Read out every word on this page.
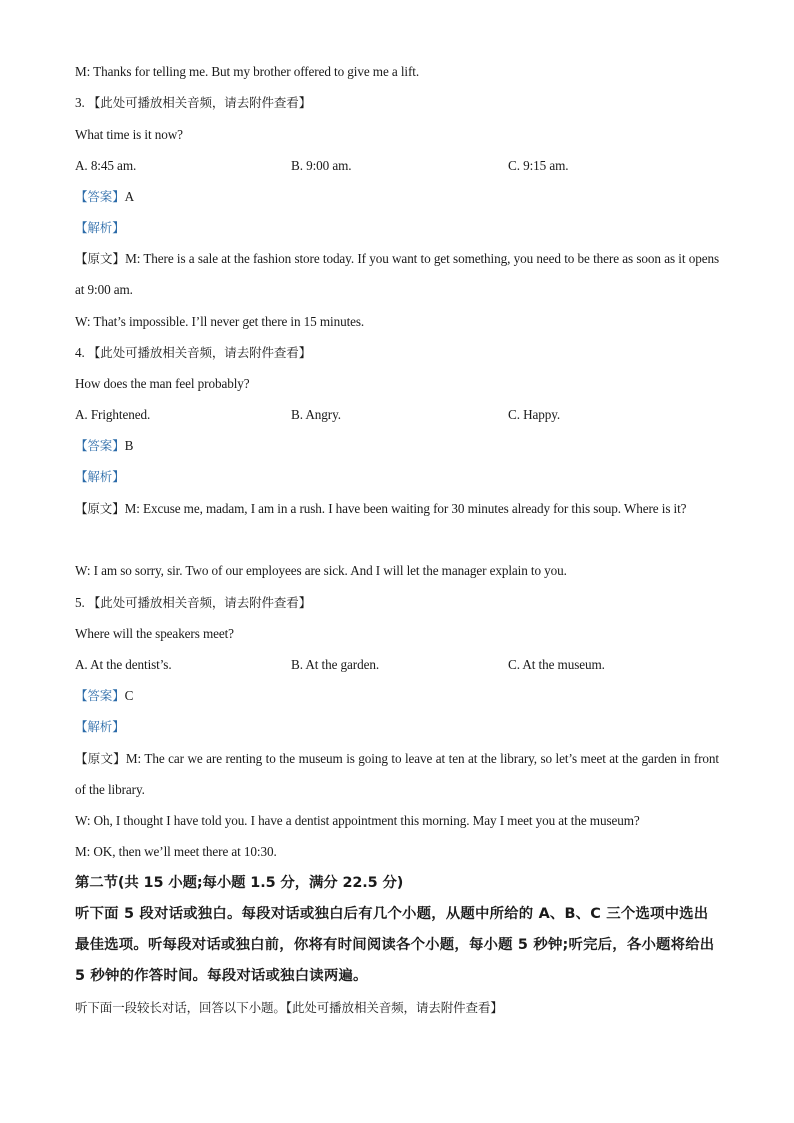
M: Thanks for telling me. But my brother offered to give me a lift.
3. 【此处可播放相关音频，请去附件查看】
What time is it now?
A. 8:45 am.	B. 9:00 am.	C. 9:15 am.
【答案】A
【解析】
【原文】M: There is a sale at the fashion store today. If you want to get something, you need to be there as soon as it opens at 9:00 am.
W: That’s impossible. I’ll never get there in 15 minutes.
4. 【此处可播放相关音频，请去附件查看】
How does the man feel probably?
A. Frightened.	B. Angry.	C. Happy.
【答案】B
【解析】
【原文】M: Excuse me, madam, I am in a rush. I have been waiting for 30 minutes already for this soup. Where is it?
W: I am so sorry, sir. Two of our employees are sick. And I will let the manager explain to you.
5. 【此处可播放相关音频，请去附件查看】
Where will the speakers meet?
A. At the dentist’s.	B. At the garden.	C. At the museum.
【答案】C
【解析】
【原文】M: The car we are renting to the museum is going to leave at ten at the library, so let’s meet at the garden in front of the library.
W: Oh, I thought I have told you. I have a dentist appointment this morning. May I meet you at the museum?
M: OK, then we’ll meet there at 10:30.
第二节(共 15 小题;每小题 1.5 分，满分 22.5 分)
听下面 5 段对话或独白。每段对话或独白后有几个小题，从题中所给的 A、B、C 三个选项中选出最佳选项。听每段对话或独白前，你将有时间阅读各个小题，每小题 5 秒钟;听完后，各小题将给出 5 秒钟的作答时间。每段对话或独白读两遍。
听下面一段较长对话，回答以下小题。【此处可播放相关音频，请去附件查看】
